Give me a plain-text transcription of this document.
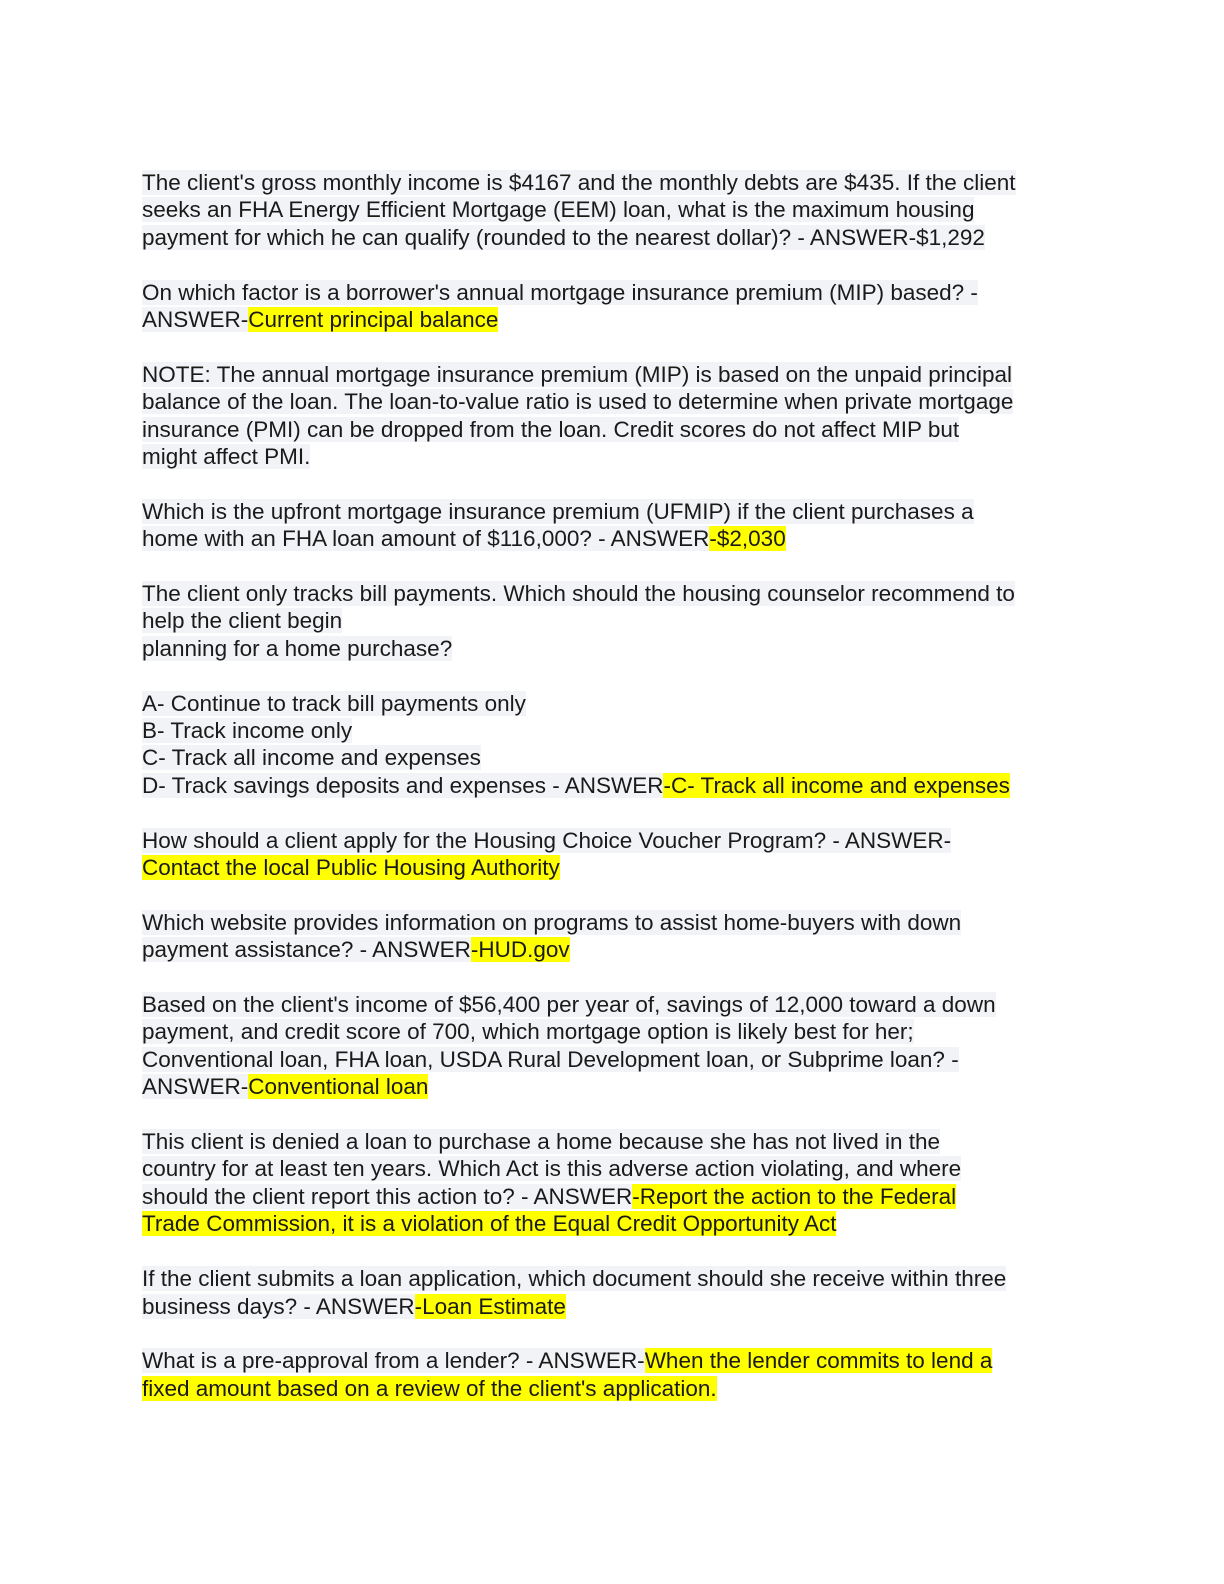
The client's gross monthly income is $4167 and the monthly debts are $435. If the client
seeks an FHA Energy Efficient Mortgage (EEM) loan, what is the maximum housing
payment for which he can qualify (rounded to the nearest dollar)? - ANSWER-$1,292
On which factor is a borrower's annual mortgage insurance premium (MIP) based? -
ANSWER-Current principal balance
NOTE: The annual mortgage insurance premium (MIP) is based on the unpaid principal
balance of the loan. The loan-to-value ratio is used to determine when private mortgage
insurance (PMI) can be dropped from the loan. Credit scores do not affect MIP but
might affect PMI.
Which is the upfront mortgage insurance premium (UFMIP) if the client purchases a
home with an FHA loan amount of $116,000? - ANSWER-$2,030
The client only tracks bill payments. Which should the housing counselor recommend to
help the client begin
planning for a home purchase?
A- Continue to track bill payments only
B- Track income only
C- Track all income and expenses
D- Track savings deposits and expenses - ANSWER-C- Track all income and expenses
How should a client apply for the Housing Choice Voucher Program? - ANSWER-
Contact the local Public Housing Authority
Which website provides information on programs to assist home-buyers with down
payment assistance? - ANSWER-HUD.gov
Based on the client's income of $56,400 per year of, savings of 12,000 toward a down
payment, and credit score of 700, which mortgage option is likely best for her;
Conventional loan, FHA loan, USDA Rural Development loan, or Subprime loan? -
ANSWER-Conventional loan
This client is denied a loan to purchase a home because she has not lived in the
country for at least ten years. Which Act is this adverse action violating, and where
should the client report this action to? - ANSWER-Report the action to the Federal
Trade Commission, it is a violation of the Equal Credit Opportunity Act
If the client submits a loan application, which document should she receive within three
business days? - ANSWER-Loan Estimate
What is a pre-approval from a lender? - ANSWER-When the lender commits to lend a
fixed amount based on a review of the client's application.
